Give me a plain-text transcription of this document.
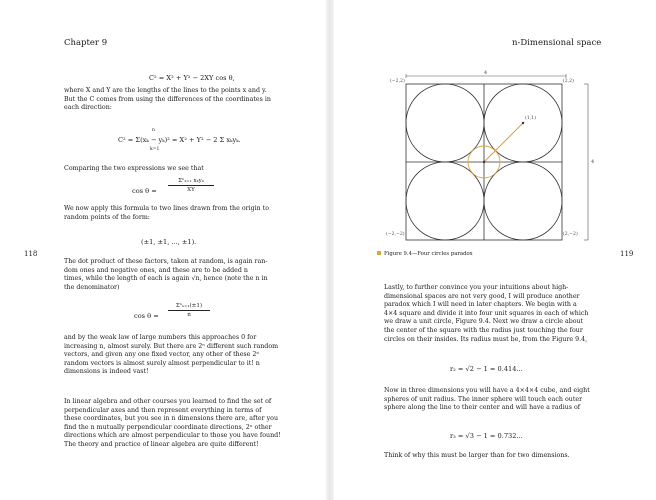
Chapter 9
C² = X² + Y² − 2XY cos θ,
where X and Y are the lengths of the lines to the points x and y.
But the C comes from using the differences of the coordinates in
each direction:
C² = Σ(xₖ − yₖ)² = X² + Y² − 2 Σ xₖyₖ.
n
k=1
Comparing the two expressions we see that
cos θ =
Σⁿₖ₌₁ xₖyₖ
XY
We now apply this formula to two lines drawn from the origin to
random points of the form:
(±1, ±1, ..., ±1).
118
The dot product of these factors, taken at random, is again ran-
dom ones and negative ones, and these are to be added n
times, while the length of each is again √n, hence (note the n in
the denominator)
cos θ =
Σⁿₖ₌₁(±1)
n
and by the weak law of large numbers this approaches 0 for
increasing n, almost surely. But there are 2ⁿ different such random
vectors, and given any one fixed vector, any other of these 2ⁿ
random vectors is almost surely almost perpendicular to it! n
dimensions is indeed vast!
In linear algebra and other courses you learned to find the set of
perpendicular axes and then represent everything in terms of
these coordinates, but you see in n dimensions there are, after you
find the n mutually perpendicular coordinate directions, 2ⁿ other
directions which are almost perpendicular to those you have found!
The theory and practice of linear algebra are quite different!
n-Dimensional space
4
4
(−2,2)	(2,2)
(−2,−2)	(2,−2)
(1,1)
Figure 9.4—Four circles paradox	119
Lastly, to further convince you your intuitions about high-
dimensional spaces are not very good, I will produce another
paradox which I will need in later chapters. We begin with a
4×4 square and divide it into four unit squares in each of which
we draw a unit circle, Figure 9.4. Next we draw a circle about
the center of the square with the radius just touching the four
circles on their insides. Its radius must be, from the Figure 9.4,
r₂ = √2 − 1 = 0.414...
Now in three dimensions you will have a 4×4×4 cube, and eight
spheres of unit radius. The inner sphere will touch each outer
sphere along the line to their center and will have a radius of
r₃ = √3 − 1 = 0.732...
Think of why this must be larger than for two dimensions.
